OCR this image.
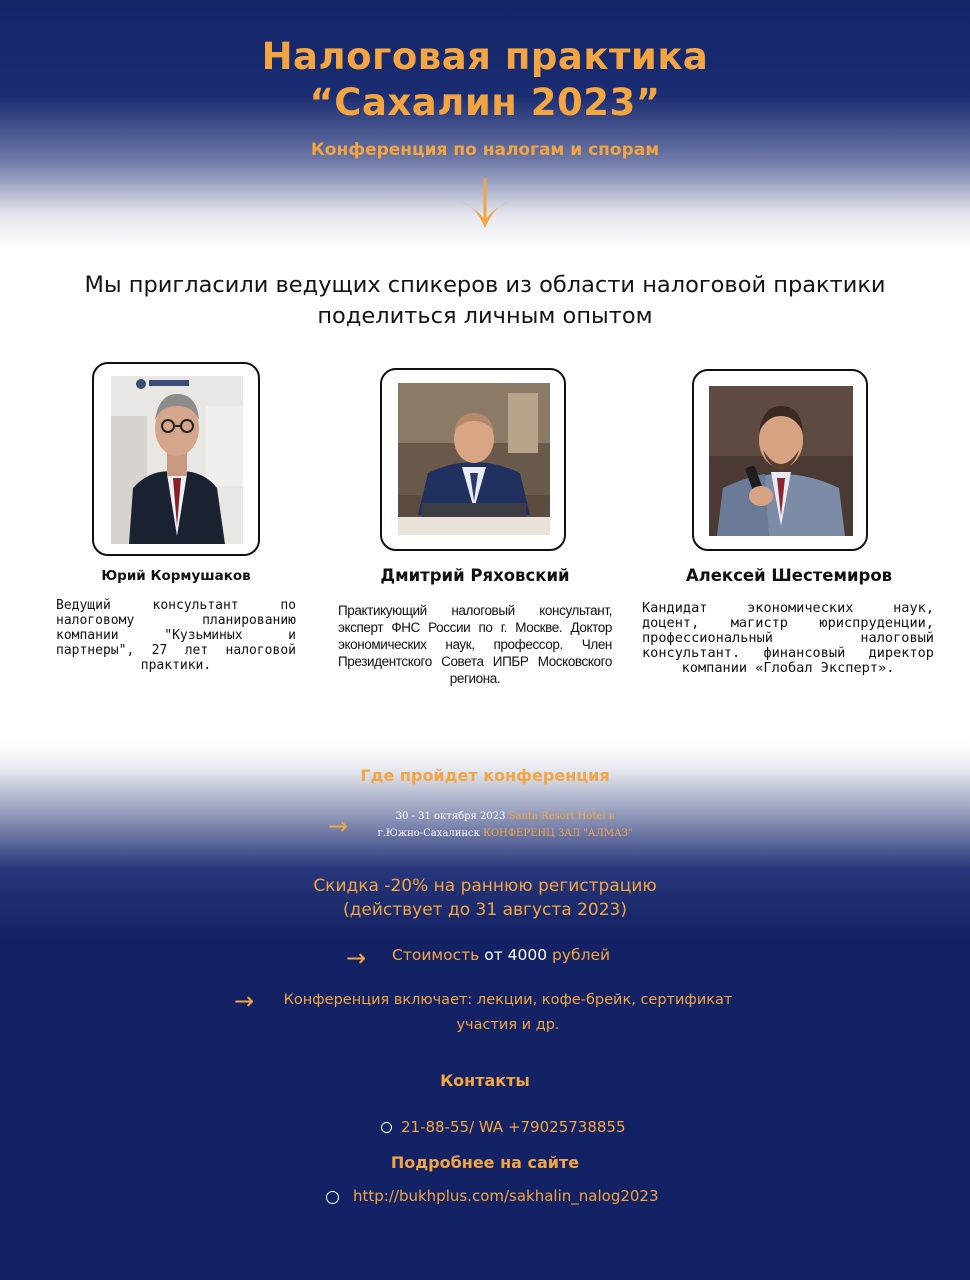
Налоговая практика
“Сахалин 2023”
Конференция по налогам и спорам
Мы пригласили ведущих спикеров из области налоговой практики
поделиться личным опытом
Юрий Кормушаков
Ведущий консультант по налоговому планированию компании "Кузьминых и партнеры", 27 лет налоговой практики.
Дмитрий Ряховский
Практикующий налоговый консультант, эксперт ФНС России по г. Москве. Доктор экономических наук, профессор. Член Президентского Совета ИПБР Московского региона.
Алексей Шестемиров
Кандидат экономических наук, доцент, магистр юриспруденции, профессиональный налоговый консультант. финансовый директор компании «Глобал Эксперт».
Где пройдет конференция
→	30 - 31 октября 2023 Santa Resort Hotel в
г.Южно-Сахалинск КОНФЕРЕНЦ ЗАЛ "АЛМАЗ"
Скидка -20% на раннюю регистрацию
(действует до 31 августа 2023)
→ Стоимость от 4000 рублей
→	Конференция включает: лекции, кофе-брейк, сертификат
участия и др.
Контакты
21-88-55/ WA +79025738855
Подробнее на сайте
http://bukhplus.com/sakhalin_nalog2023
